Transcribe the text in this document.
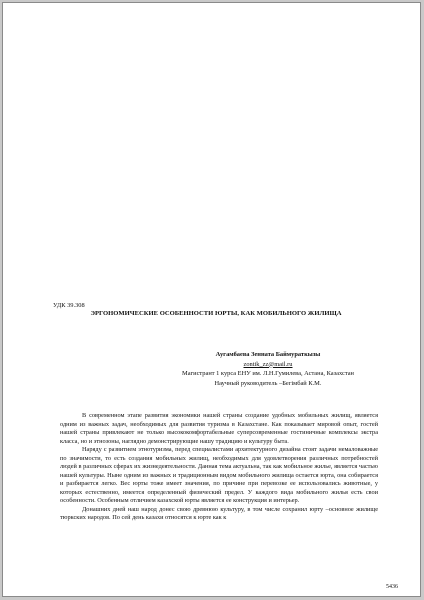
УДК 39.308
ЭРГОНОМИЧЕСКИЕ ОСОБЕННОСТИ ЮРТЫ, КАК МОБИЛЬНОГО ЖИЛИЩА
Аугамбаева Зенната Баймураткызы
zontik_zz@mail.ru
Магистрант 1 курса ЕНУ им. Л.Н.Гумилева, Астана, Казахстан
Научный руководитель –Бегімбай К.М.

В современном этапе развития экономики нашей страны создание удобных мобильных жилищ, является одним из важных задач, необходимых для развития туризма в Казахстане. Как показывает мировой опыт, гостей нашей страны привлекают не только высококомфортабельные суперсовременные гостиничные комплексы экстра класса, но и этнозоны, наглядно демонстрирующие нашу традицию и культуру быта.

Наряду с развитием этнотуризма, перед специалистами архитектурного дизайна стоят задачи немаловажные по значимости, то есть создания мобильных жилищ, необходимых для удовлетворения различных потребностей людей в различных сферах их жизнедеятельности. Данная тема актуальна, так как мобильное жилье, является частью нашей культуры. Ныне одним из важных и традиционным видом мобильного жилища остается юрта, она собирается и разбирается легко. Вес юрты тоже имеет значения, по причине при перевозке ее использовались животные, у которых естественно, имеется определенный физический предел. У каждого вида мобильного жилья есть свои особенности. Особенным отличием казахской юрты является ее конструкция и интерьер.

Донашних дней наш народ донес свою древнюю культуру, в том числе сохранил юрту –основное жилище тюркских народов. По сей день казахи относятся к юрте как к

5436
